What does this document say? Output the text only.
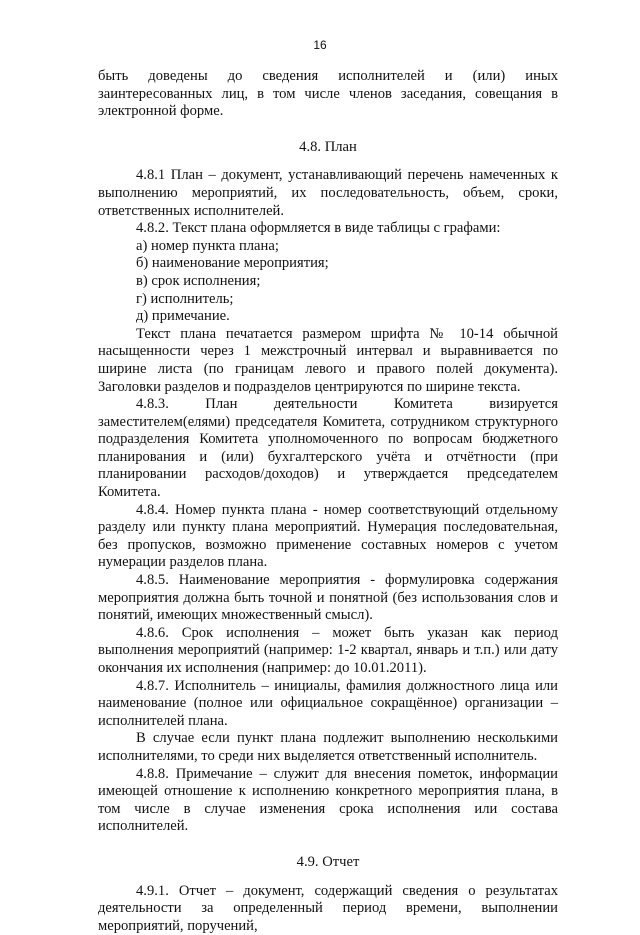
16

быть доведены до сведения исполнителей и (или) иных заинтересованных лиц, в том числе членов заседания, совещания в электронной форме.

4.8. План

4.8.1 План – документ, устанавливающий перечень намеченных к выполнению мероприятий, их последовательность, объем, сроки, ответственных исполнителей.

4.8.2. Текст плана оформляется в виде таблицы с графами:

а) номер пункта плана;

б) наименование мероприятия;

в) срок исполнения;

г) исполнитель;

д) примечание.

Текст плана печатается размером шрифта № 10-14 обычной насыщенности через 1 межстрочный интервал и выравнивается по ширине листа (по границам левого и правого полей документа). Заголовки разделов и подразделов центрируются по ширине текста.

4.8.3. План деятельности Комитета визируется заместителем(елями) председателя Комитета, сотрудником структурного подразделения Комитета уполномоченного по вопросам бюджетного планирования и (или) бухгалтерского учёта и отчётности (при планировании расходов/доходов) и утверждается председателем Комитета.

4.8.4. Номер пункта плана - номер соответствующий отдельному разделу или пункту плана мероприятий. Нумерация последовательная, без пропусков, возможно применение составных номеров с учетом нумерации разделов плана.

4.8.5. Наименование мероприятия - формулировка содержания мероприятия должна быть точной и понятной (без использования слов и понятий, имеющих множественный смысл).

4.8.6. Срок исполнения – может быть указан как период выполнения мероприятий (например: 1-2 квартал, январь и т.п.) или дату окончания их исполнения (например: до 10.01.2011).

4.8.7. Исполнитель – инициалы, фамилия должностного лица или наименование (полное или официальное сокращённое) организации – исполнителей плана.

В случае если пункт плана подлежит выполнению несколькими исполнителями, то среди них выделяется ответственный исполнитель.

4.8.8. Примечание – служит для внесения пометок, информации имеющей отношение к исполнению конкретного мероприятия плана, в том числе в случае изменения срока исполнения или состава исполнителей.

4.9. Отчет

4.9.1. Отчет – документ, содержащий сведения о результатах деятельности за определенный период времени, выполнении мероприятий, поручений,
